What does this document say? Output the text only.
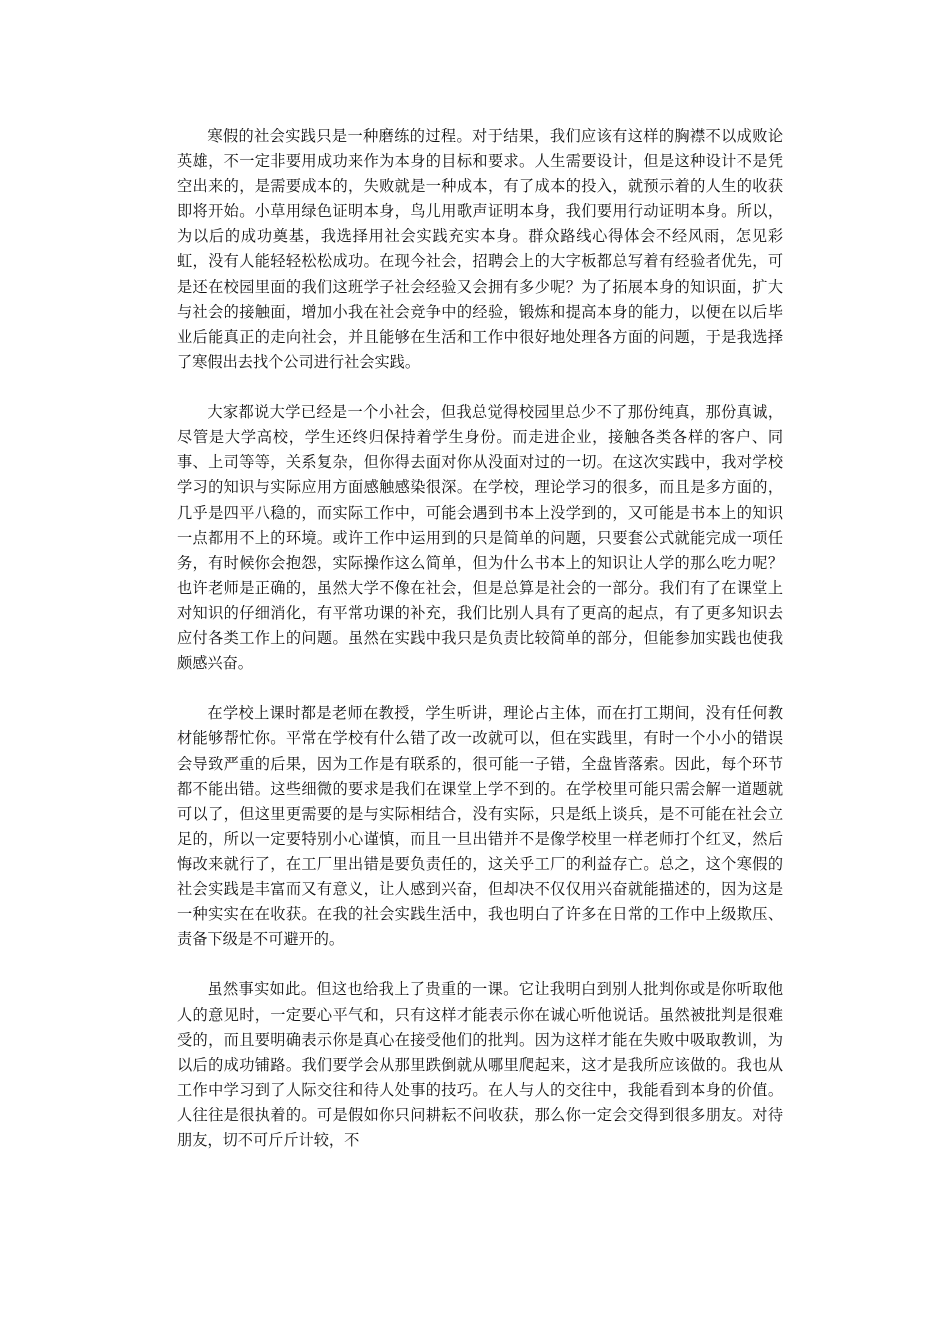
寒假的社会实践只是一种磨练的过程。对于结果，我们应该有这样的胸襟不以成败论英雄，不一定非要用成功来作为本身的目标和要求。人生需要设计，但是这种设计不是凭空出来的，是需要成本的，失败就是一种成本，有了成本的投入，就预示着的人生的收获即将开始。小草用绿色证明本身，鸟儿用歌声证明本身，我们要用行动证明本身。所以，为以后的成功奠基，我选择用社会实践充实本身。群众路线心得体会不经风雨，怎见彩虹，没有人能轻轻松松成功。在现今社会，招聘会上的大字板都总写着有经验者优先，可是还在校园里面的我们这班学子社会经验又会拥有多少呢？为了拓展本身的知识面，扩大与社会的接触面，增加小我在社会竞争中的经验，锻炼和提高本身的能力，以便在以后毕业后能真正的走向社会，并且能够在生活和工作中很好地处理各方面的问题，于是我选择了寒假出去找个公司进行社会实践。

大家都说大学已经是一个小社会，但我总觉得校园里总少不了那份纯真，那份真诚，尽管是大学高校，学生还终归保持着学生身份。而走进企业，接触各类各样的客户、同事、上司等等，关系复杂，但你得去面对你从没面对过的一切。在这次实践中，我对学校学习的知识与实际应用方面感触感染很深。在学校，理论学习的很多，而且是多方面的，几乎是四平八稳的，而实际工作中，可能会遇到书本上没学到的，又可能是书本上的知识一点都用不上的环境。或许工作中运用到的只是简单的问题，只要套公式就能完成一项任务，有时候你会抱怨，实际操作这么简单，但为什么书本上的知识让人学的那么吃力呢？也许老师是正确的，虽然大学不像在社会，但是总算是社会的一部分。我们有了在课堂上对知识的仔细消化，有平常功课的补充，我们比别人具有了更高的起点，有了更多知识去应付各类工作上的问题。虽然在实践中我只是负责比较简单的部分，但能参加实践也使我颇感兴奋。

在学校上课时都是老师在教授，学生听讲，理论占主体，而在打工期间，没有任何教材能够帮忙你。平常在学校有什么错了改一改就可以，但在实践里，有时一个小小的错误会导致严重的后果，因为工作是有联系的，很可能一子错，全盘皆落索。因此，每个环节都不能出错。这些细微的要求是我们在课堂上学不到的。在学校里可能只需会解一道题就可以了，但这里更需要的是与实际相结合，没有实际，只是纸上谈兵，是不可能在社会立足的，所以一定要特别小心谨慎，而且一旦出错并不是像学校里一样老师打个红叉，然后悔改来就行了，在工厂里出错是要负责任的，这关乎工厂的利益存亡。总之，这个寒假的社会实践是丰富而又有意义，让人感到兴奋，但却决不仅仅用兴奋就能描述的，因为这是一种实实在在收获。在我的社会实践生活中，我也明白了许多在日常的工作中上级欺压、责备下级是不可避开的。

虽然事实如此。但这也给我上了贵重的一课。它让我明白到别人批判你或是你听取他人的意见时，一定要心平气和，只有这样才能表示你在诚心听他说话。虽然被批判是很难受的，而且要明确表示你是真心在接受他们的批判。因为这样才能在失败中吸取教训，为以后的成功铺路。我们要学会从那里跌倒就从哪里爬起来，这才是我所应该做的。我也从工作中学习到了人际交往和待人处事的技巧。在人与人的交往中，我能看到本身的价值。人往往是很执着的。可是假如你只问耕耘不问收获，那么你一定会交得到很多朋友。对待朋友，切不可斤斤计较，不
